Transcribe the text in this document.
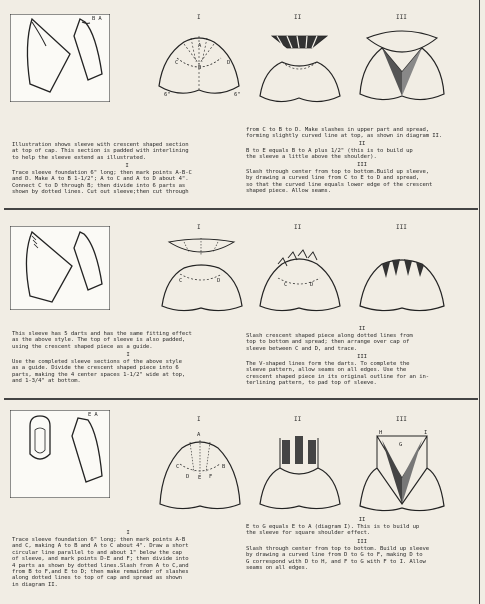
B A	I	II	III
A
C	D
B
6"	6"
Illustration shows sleeve with crescent shaped section
at top of cap. This section is padded with interlining
to help the sleeve extend as illustrated.
I
Trace sleeve foundation 6" long; then mark points A-B-C
and D. Make A to B 1-1/2"; A to C and A to D about 4".
Connect C to D through B; then divide into 6 parts as
shown by dotted lines. Cut out sleeve;then cut through
from C to B to D. Make slashes in upper part and spread,
forming slightly curved line at top, as shown in diagram II.
II
B to E equals B to A plus 1/2" (this is to build up
the sleeve a little above the shoulder).
III
Slash through center from top to bottom.Build up sleeve,
by drawing a curved line from C to E to D and spread,
so that the curved line equals lower edge of the crescent
shaped piece. Allow seams.
I	II	III
C	D
C	D
This sleeve has 5 darts and has the same fitting effect
as the above style. The top of sleeve is also padded,
using the crescent shaped piece as a guide.
I
Use the completed sleeve sections of the above style
as a guide. Divide the crescent shaped piece into 6
parts, making the 4 center spaces 1-1/2" wide at top,
and 1-3/4" at bottom.
II
Slash crescent shaped piece along dotted lines from
top to bottom and spread; then arrange over cap of
sleeve between C and D, and trace.
III
The V-shaped lines form the darts. To complete the
sleeve pattern, allow seams on all edges. Use the
crescent shaped piece in its original outline for an in-
terlining pattern, to pad top of sleeve.
E A
I	II	III
A
C
D E F
B
H	I
G
I
Trace sleeve foundation 6" long; then mark points A-B
and C, making A to B and A to C about 4". Draw a short
circular line parallel to and about 1" below the cap
of sleeve, and mark points D-E and F; then divide into
4 parts as shown by dotted lines.Slash from A to C,and
from B to F,and E to D; then make remainder of slashes
along dotted lines to top of cap and spread as shown
in diagram II.
II
E to G equals E to A (diagram I). This is to build up
the sleeve for square shoulder effect.
III
Slash through center from top to bottom. Build up sleeve
by drawing a curved line from D to G to F, making D to
G correspond with D to H, and F to G with F to I. Allow
seams on all edges.
